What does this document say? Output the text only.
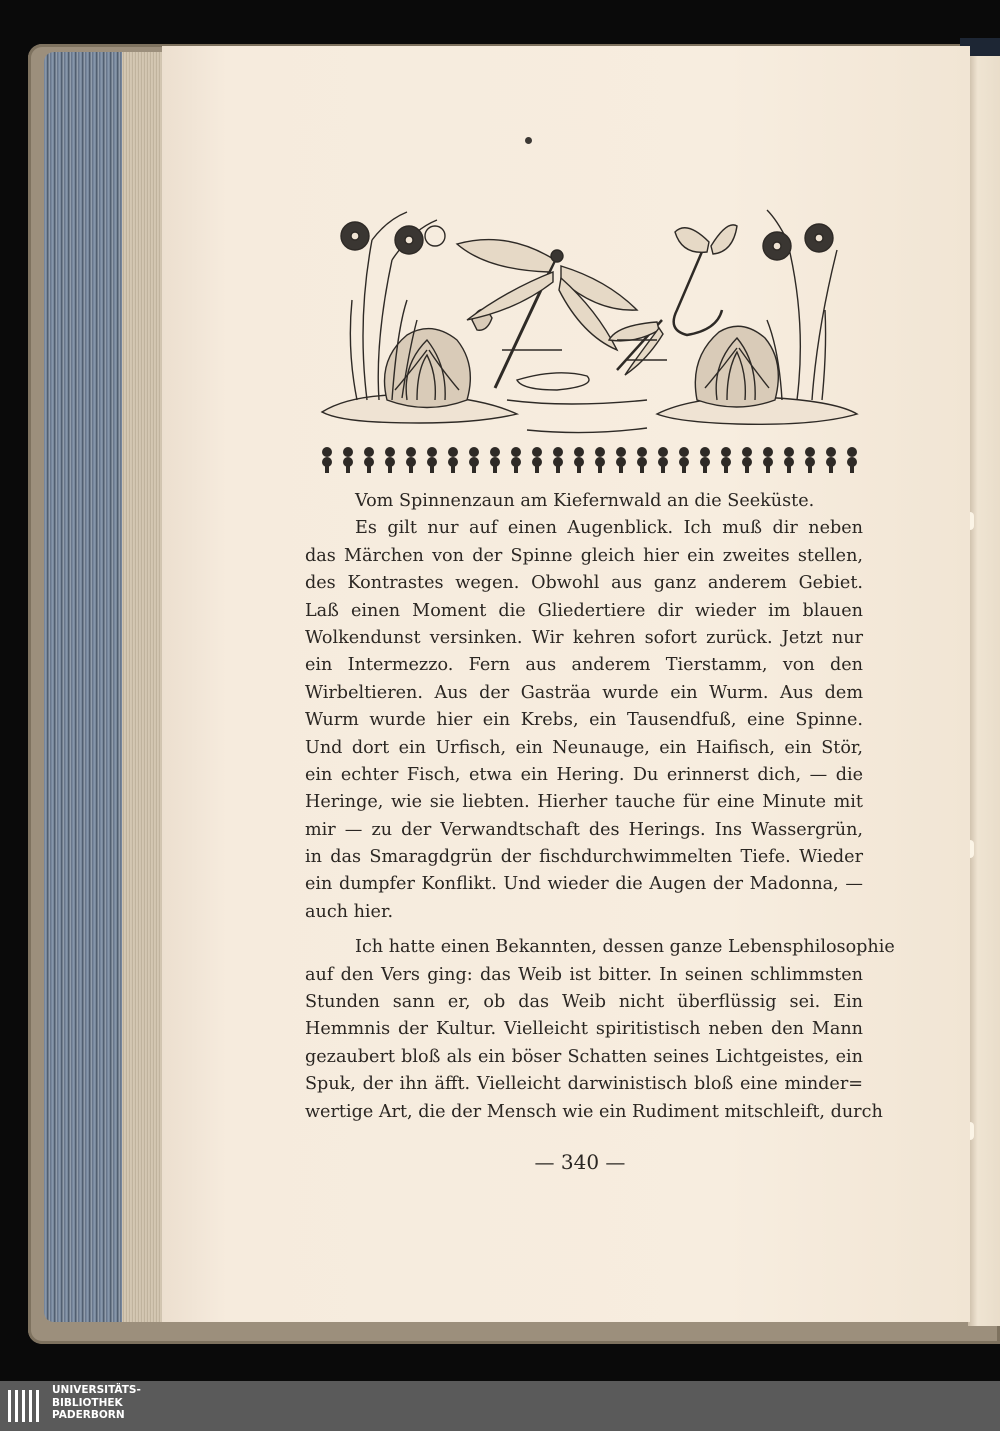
Vom Spinnenzaun am Kiefernwald an die Seeküste.
Es gilt nur auf einen Augenblick. Ich muß dir neben
das Märchen von der Spinne gleich hier ein zweites stellen,
des Kontrastes wegen. Obwohl aus ganz anderem Gebiet.
Laß einen Moment die Gliedertiere dir wieder im blauen
Wolkendunst versinken. Wir kehren sofort zurück. Jetzt nur
ein Intermezzo. Fern aus anderem Tierstamm, von den
Wirbeltieren. Aus der Gasträa wurde ein Wurm. Aus dem
Wurm wurde hier ein Krebs, ein Tausendfuß, eine Spinne.
Und dort ein Urfisch, ein Neunauge, ein Haifisch, ein Stör,
ein echter Fisch, etwa ein Hering. Du erinnerst dich, — die
Heringe, wie sie liebten. Hierher tauche für eine Minute mit
mir — zu der Verwandtschaft des Herings. Ins Wassergrün,
in das Smaragdgrün der fischdurchwimmelten Tiefe. Wieder
ein dumpfer Konflikt. Und wieder die Augen der Madonna, —
auch hier.
Ich hatte einen Bekannten, dessen ganze Lebensphilosophie
auf den Vers ging: das Weib ist bitter. In seinen schlimmsten
Stunden sann er, ob das Weib nicht überflüssig sei. Ein
Hemmnis der Kultur. Vielleicht spiritistisch neben den Mann
gezaubert bloß als ein böser Schatten seines Lichtgeistes, ein
Spuk, der ihn äfft. Vielleicht darwinistisch bloß eine minder=
wertige Art, die der Mensch wie ein Rudiment mitschleift, durch
— 340 —
UNIVERSITÄTS-
BIBLIOTHEK
PADERBORN
